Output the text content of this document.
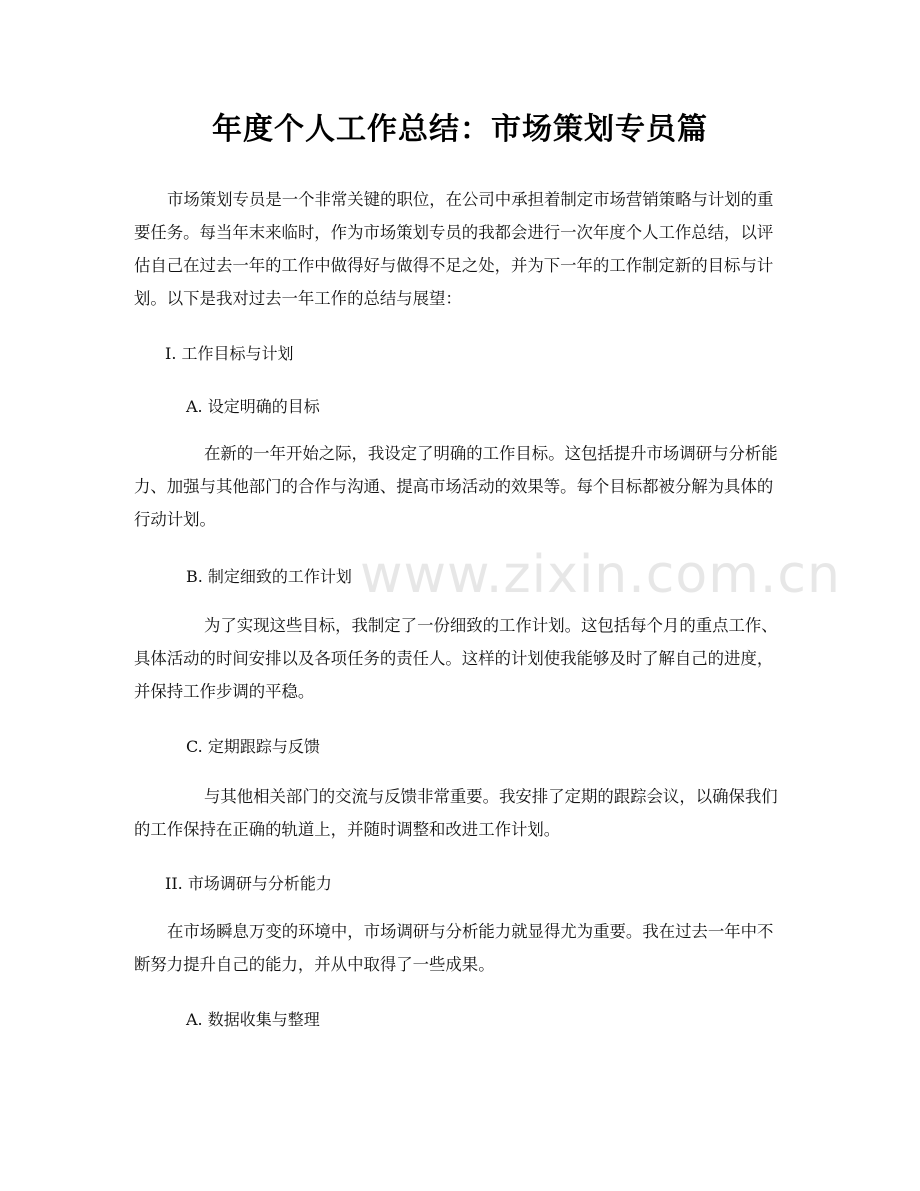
年度个人工作总结：市场策划专员篇

市场策划专员是一个非常关键的职位，在公司中承担着制定市场营销策略与计划的重要任务。每当年末来临时，作为市场策划专员的我都会进行一次年度个人工作总结，以评估自己在过去一年的工作中做得好与做得不足之处，并为下一年的工作制定新的目标与计划。以下是我对过去一年工作的总结与展望：

I. 工作目标与计划
A. 设定明确的目标

在新的一年开始之际，我设定了明确的工作目标。这包括提升市场调研与分析能力、加强与其他部门的合作与沟通、提高市场活动的效果等。每个目标都被分解为具体的行动计划。

B. 制定细致的工作计划

为了实现这些目标，我制定了一份细致的工作计划。这包括每个月的重点工作、具体活动的时间安排以及各项任务的责任人。这样的计划使我能够及时了解自己的进度，并保持工作步调的平稳。

C. 定期跟踪与反馈

与其他相关部门的交流与反馈非常重要。我安排了定期的跟踪会议，以确保我们的工作保持在正确的轨道上，并随时调整和改进工作计划。

II. 市场调研与分析能力

在市场瞬息万变的环境中，市场调研与分析能力就显得尤为重要。我在过去一年中不断努力提升自己的能力，并从中取得了一些成果。

A. 数据收集与整理
www.zixin.com.cn
